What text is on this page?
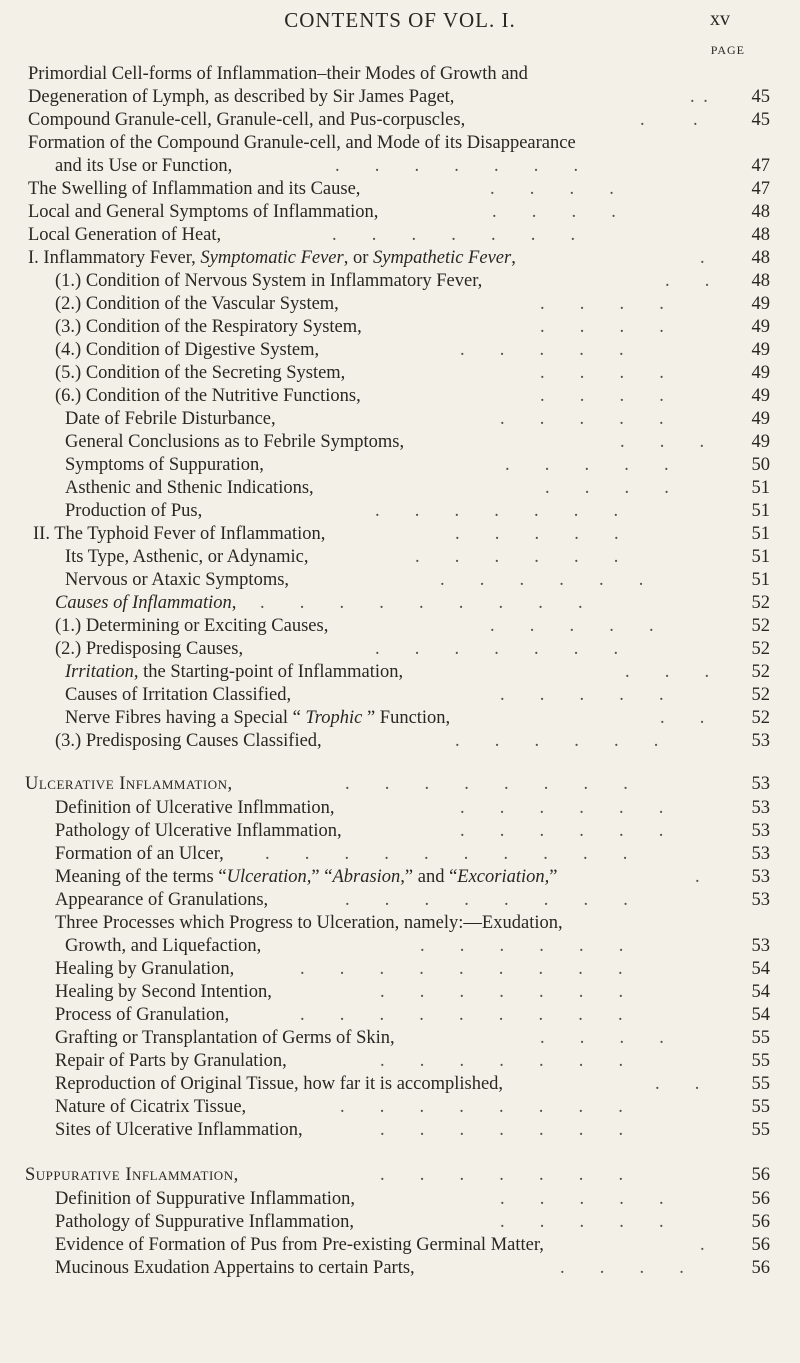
CONTENTS OF VOL. I.	xv
PAGE
Primordial Cell-forms of Inflammation–their Modes of Growth and
Degeneration of Lymph, as described by Sir James Paget,	. .	45
Compound Granule-cell, Granule-cell, and Pus-corpuscles,	.	.	45
Formation of the Compound Granule-cell, and Mode of its Disappearance
and its Use or Function,	.     .     .     .     .     .     .	47
The Swelling of Inflammation and its Cause,	.     .     .     .	47
Local and General Symptoms of Inflammation,	.     .     .     .	48
Local Generation of Heat,	.     .     .     .     .     .     .	48
I. Inflammatory Fever, Symptomatic Fever, or Sympathetic Fever,	.	48
(1.) Condition of Nervous System in Inflammatory Fever,	.     .	48
(2.) Condition of the Vascular System,	.     .     .     .	49
(3.) Condition of the Respiratory System,	.     .     .     .	49
(4.) Condition of Digestive System,	.     .     .     .     .	49
(5.) Condition of the Secreting System,	.     .     .     .	49
(6.) Condition of the Nutritive Functions,	.     .     .     .	49
Date of Febrile Disturbance,	.     .     .     .     .	49
General Conclusions as to Febrile Symptoms,	.     .     .	49
Symptoms of Suppuration,	.     .     .     .     .	50
Asthenic and Sthenic Indications,	.     .     .     .	51
Production of Pus,	.     .     .     .     .     .     .	51
II. The Typhoid Fever of Inflammation,	.     .     .     .     .	51
Its Type, Asthenic, or Adynamic,	.     .     .     .     .     .	51
Nervous or Ataxic Symptoms,	.     .     .     .     .     .	51
Causes of Inflammation, .     .     .     .     .     .     .     .     .	52
(1.) Determining or Exciting Causes,	.     .     .     .     .	52
(2.) Predisposing Causes,	.     .     .     .     .     .     .	52
Irritation, the Starting-point of Inflammation,	.     .     .	52
Causes of Irritation Classified,	.     .     .     .     .	52
Nerve Fibres having a Special “ Trophic ” Function,	.     .	52
(3.) Predisposing Causes Classified,	.     .     .     .     .     .	53
Ulcerative Inflammation,	.     .     .     .     .     .     .     .	53
Definition of Ulcerative Inflmmation,	.     .     .     .     .     .	53
Pathology of Ulcerative Inflammation,	.     .     .     .     .     .	53
Formation of an Ulcer, .     .     .     .     .     .     .     .     .     .	53
Meaning of the terms “Ulceration,” “Abrasion,” and “Excoriation,”	.	53
Appearance of Granulations,	.     .     .     .     .     .     .     .	53
Three Processes which Progress to Ulceration, namely:—Exudation,
Growth, and Liquefaction,	.     .     .     .     .     .	53
Healing by Granulation,	.     .     .     .     .     .     .     .     .	54
Healing by Second Intention,	.     .     .     .     .     .     .	54
Process of Granulation,	.     .     .     .     .     .     .     .     .	54
Grafting or Transplantation of Germs of Skin,	.     .     .     .	55
Repair of Parts by Granulation,	.     .     .     .     .     .     .	55
Reproduction of Original Tissue, how far it is accomplished,	.     .	55
Nature of Cicatrix Tissue,	.     .     .     .     .     .     .     .	55
Sites of Ulcerative Inflammation,	.     .     .     .     .     .     .	55
Suppurative Inflammation,	.     .     .     .     .     .     .	56
Definition of Suppurative Inflammation,	.     .     .     .     .	56
Pathology of Suppurative Inflammation,	.     .     .     .     .	56
Evidence of Formation of Pus from Pre-existing Germinal Matter,	.	56
Mucinous Exudation Appertains to certain Parts,	.     .     .     .	56
